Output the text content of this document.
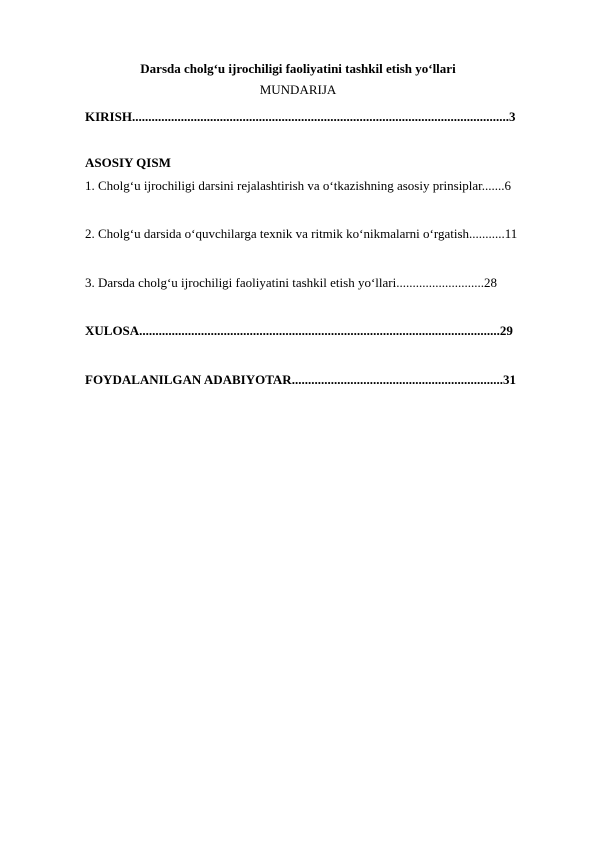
Darsda cholg‘u ijrochiligi faoliyatini tashkil etish yo‘llari
MUNDARIJA
KIRISH....................................................................................................................3
ASOSIY QISM
1. Cholg‘u ijrochiligi darsini rejalashtirish va o‘tkazishning asosiy prinsiplar.......6
2. Cholg‘u darsida o‘quvchilarga texnik va ritmik ko‘nikmalarni o‘rgatish...........11
3. Darsda cholg‘u ijrochiligi faoliyatini tashkil etish yo‘llari...........................28
XULOSA...............................................................................................................29
FOYDALANILGAN ADABIYOTAR.................................................................31
